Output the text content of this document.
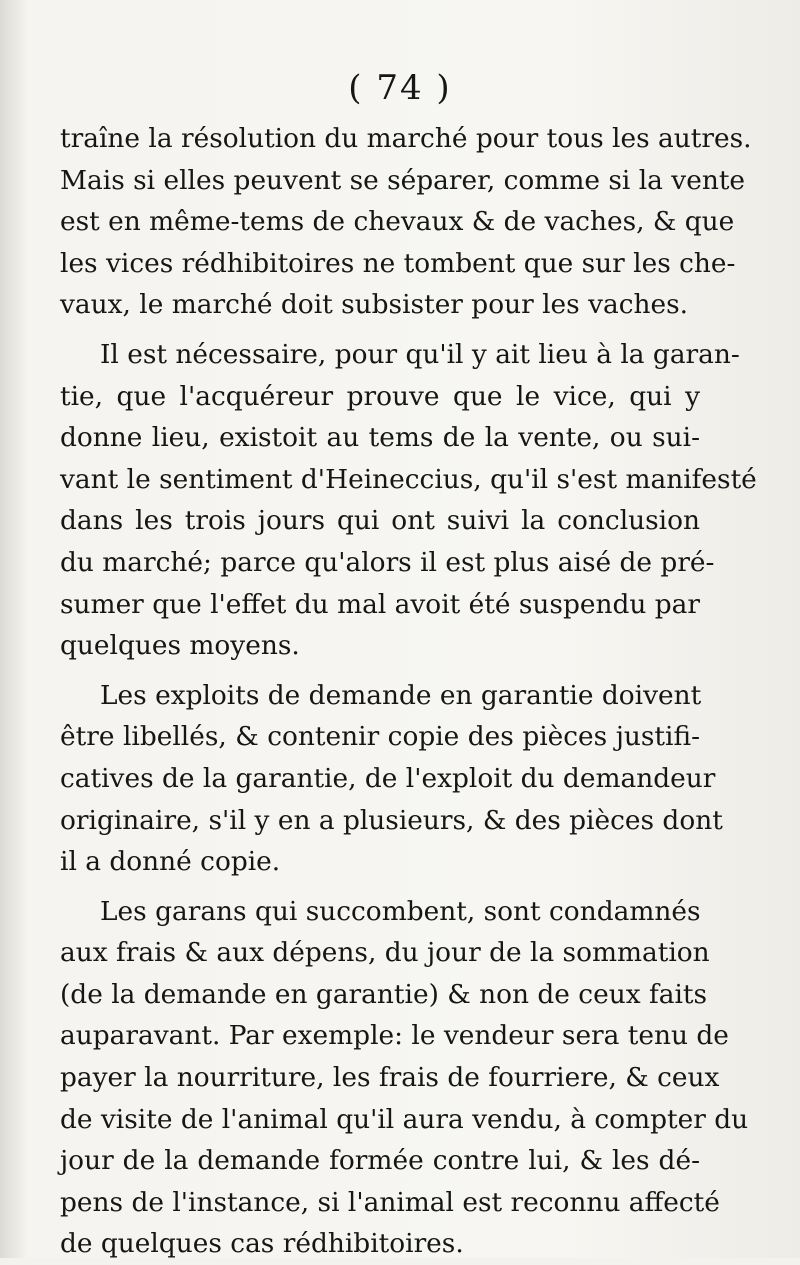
( 74 )
traîne la résolution du marché pour tous les autres.
Mais si elles peuvent se séparer, comme si la vente
est en même-tems de chevaux & de vaches, & que
les vices rédhibitoires ne tombent que sur les che-
vaux, le marché doit subsister pour les vaches.
Il est nécessaire, pour qu'il y ait lieu à la garan-
tie, que l'acquéreur prouve que le vice, qui y
donne lieu, existoit au tems de la vente, ou sui-
vant le sentiment d'Heineccius, qu'il s'est manifesté
dans les trois jours qui ont suivi la conclusion
du marché; parce qu'alors il est plus aisé de pré-
sumer que l'effet du mal avoit été suspendu par
quelques moyens.
Les exploits de demande en garantie doivent
être libellés, & contenir copie des pièces justifi-
catives de la garantie, de l'exploit du demandeur
originaire, s'il y en a plusieurs, & des pièces dont
il a donné copie.
Les garans qui succombent, sont condamnés
aux frais & aux dépens, du jour de la sommation
(de la demande en garantie) & non de ceux faits
auparavant. Par exemple: le vendeur sera tenu de
payer la nourriture, les frais de fourriere, & ceux
de visite de l'animal qu'il aura vendu, à compter du
jour de la demande formée contre lui, & les dé-
pens de l'instance, si l'animal est reconnu affecté
de quelques cas rédhibitoires.
